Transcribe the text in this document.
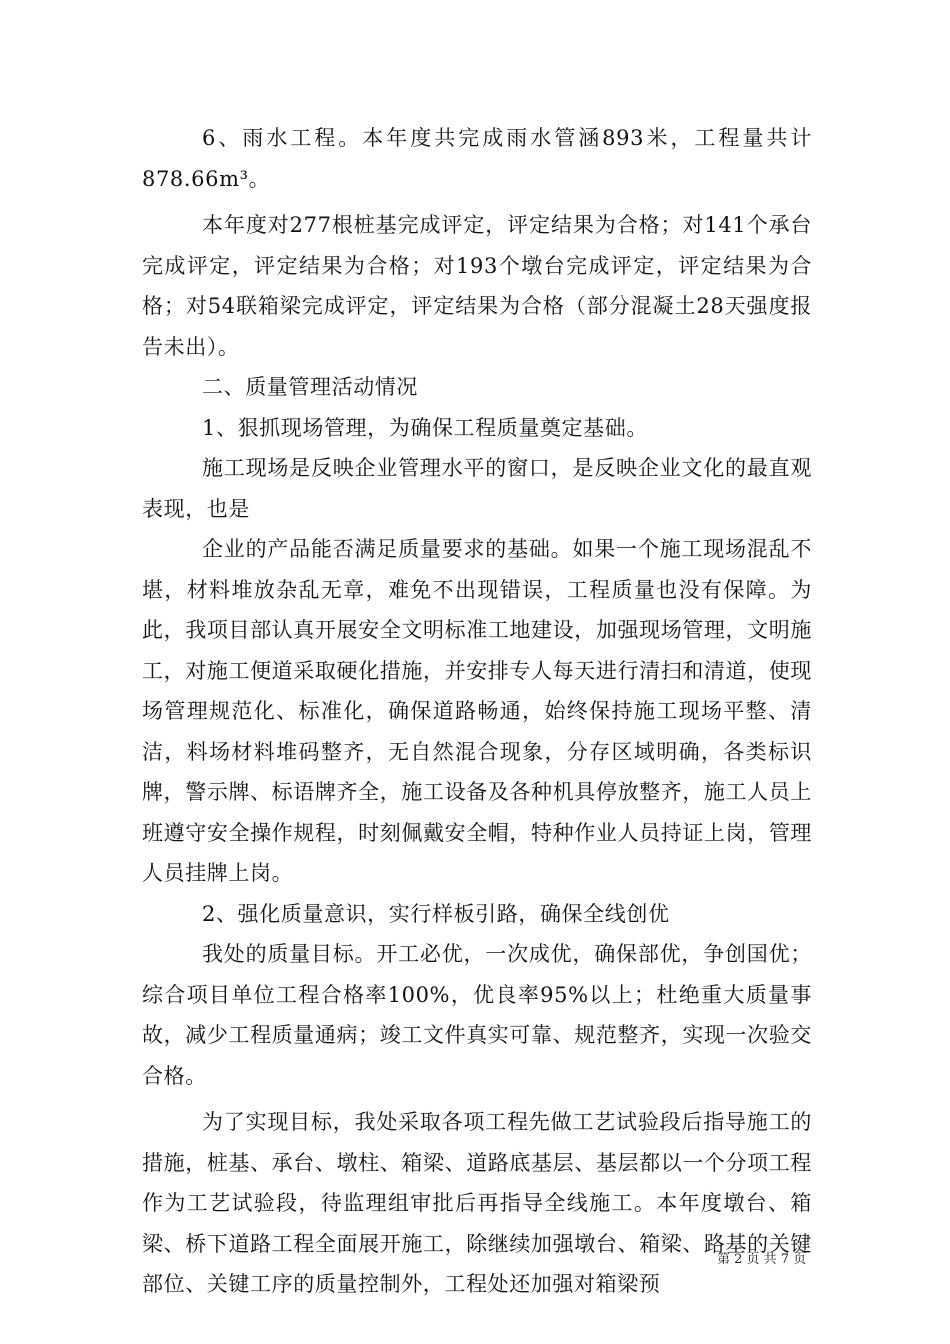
6、雨水工程。本年度共完成雨水管涵893米，工程量共计878.66m³。

本年度对277根桩基完成评定，评定结果为合格；对141个承台完成评定，评定结果为合格；对193个墩台完成评定，评定结果为合格；对54联箱梁完成评定，评定结果为合格（部分混凝土28天强度报告未出）。

二、质量管理活动情况

1、狠抓现场管理，为确保工程质量奠定基础。

施工现场是反映企业管理水平的窗口，是反映企业文化的最直观表现，也是

企业的产品能否满足质量要求的基础。如果一个施工现场混乱不堪，材料堆放杂乱无章，难免不出现错误，工程质量也没有保障。为此，我项目部认真开展安全文明标准工地建设，加强现场管理，文明施工，对施工便道采取硬化措施，并安排专人每天进行清扫和清道，使现场管理规范化、标准化，确保道路畅通，始终保持施工现场平整、清洁，料场材料堆码整齐，无自然混合现象，分存区域明确，各类标识牌，警示牌、标语牌齐全，施工设备及各种机具停放整齐，施工人员上班遵守安全操作规程，时刻佩戴安全帽，特种作业人员持证上岗，管理人员挂牌上岗。

2、强化质量意识，实行样板引路，确保全线创优

我处的质量目标。开工必优，一次成优，确保部优，争创国优；综合项目单位工程合格率100%，优良率95%以上；杜绝重大质量事故，减少工程质量通病；竣工文件真实可靠、规范整齐，实现一次验交合格。

为了实现目标，我处采取各项工程先做工艺试验段后指导施工的措施，桩基、承台、墩柱、箱梁、道路底基层、基层都以一个分项工程作为工艺试验段，待监理组审批后再指导全线施工。本年度墩台、箱梁、桥下道路工程全面展开施工，除继续加强墩台、箱梁、路基的关键部位、关键工序的质量控制外，工程处还加强对箱梁预

第 2 页 共 7 页
